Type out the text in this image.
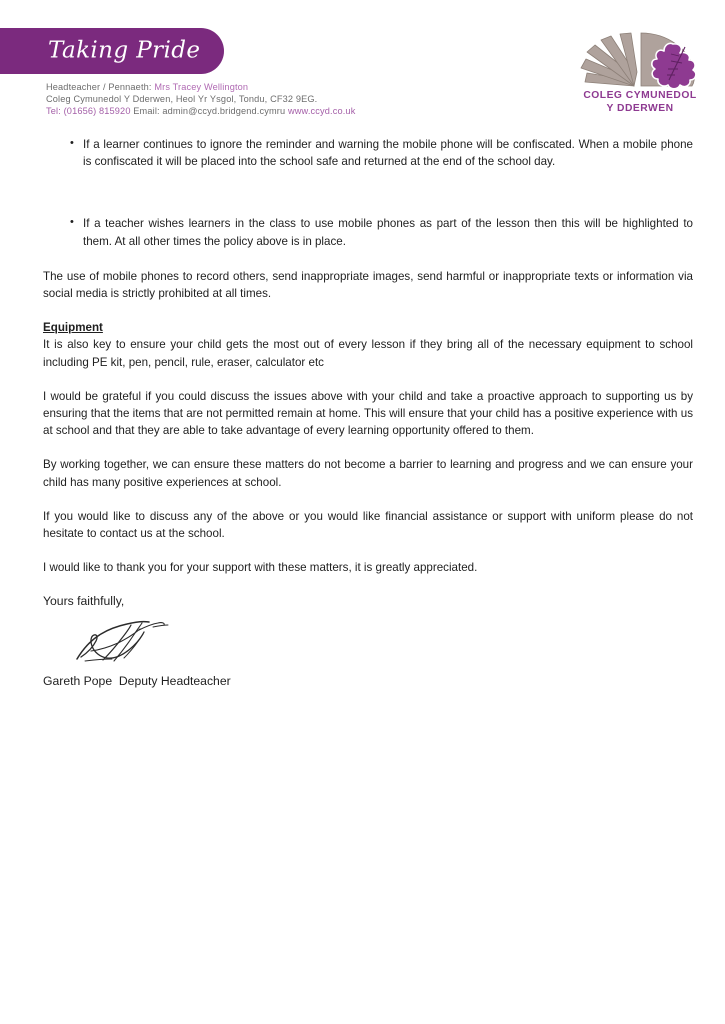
Taking Pride
Headteacher / Pennaeth: Mrs Tracey Wellington
Coleg Cymunedol Y Dderwen, Heol Yr Ysgol, Tondu, CF32 9EG.
Tel: (01656) 815920 Email: admin@ccyd.bridgend.cymru www.ccyd.co.uk
COLEG CYMUNEDOL
Y DDERWEN
• If a learner continues to ignore the reminder and warning the mobile phone will be confiscated. When a mobile phone is confiscated it will be placed into the school safe and returned at the end of the school day.
• If a teacher wishes learners in the class to use mobile phones as part of the lesson then this will be highlighted to them. At all other times the policy above is in place.

The use of mobile phones to record others, send inappropriate images, send harmful or inappropriate texts or information via social media is strictly prohibited at all times.

Equipment

It is also key to ensure your child gets the most out of every lesson if they bring all of the necessary equipment to school including PE kit, pen, pencil, rule, eraser, calculator etc

I would be grateful if you could discuss the issues above with your child and take a proactive approach to supporting us by ensuring that the items that are not permitted remain at home. This will ensure that your child has a positive experience with us at school and that they are able to take advantage of every learning opportunity offered to them.

By working together, we can ensure these matters do not become a barrier to learning and progress and we can ensure your child has many positive experiences at school.

If you would like to discuss any of the above or you would like financial assistance or support with uniform please do not hesitate to contact us at the school.

I would like to thank you for your support with these matters, it is greatly appreciated.

Yours faithfully,

Gareth Pope  Deputy Headteacher
